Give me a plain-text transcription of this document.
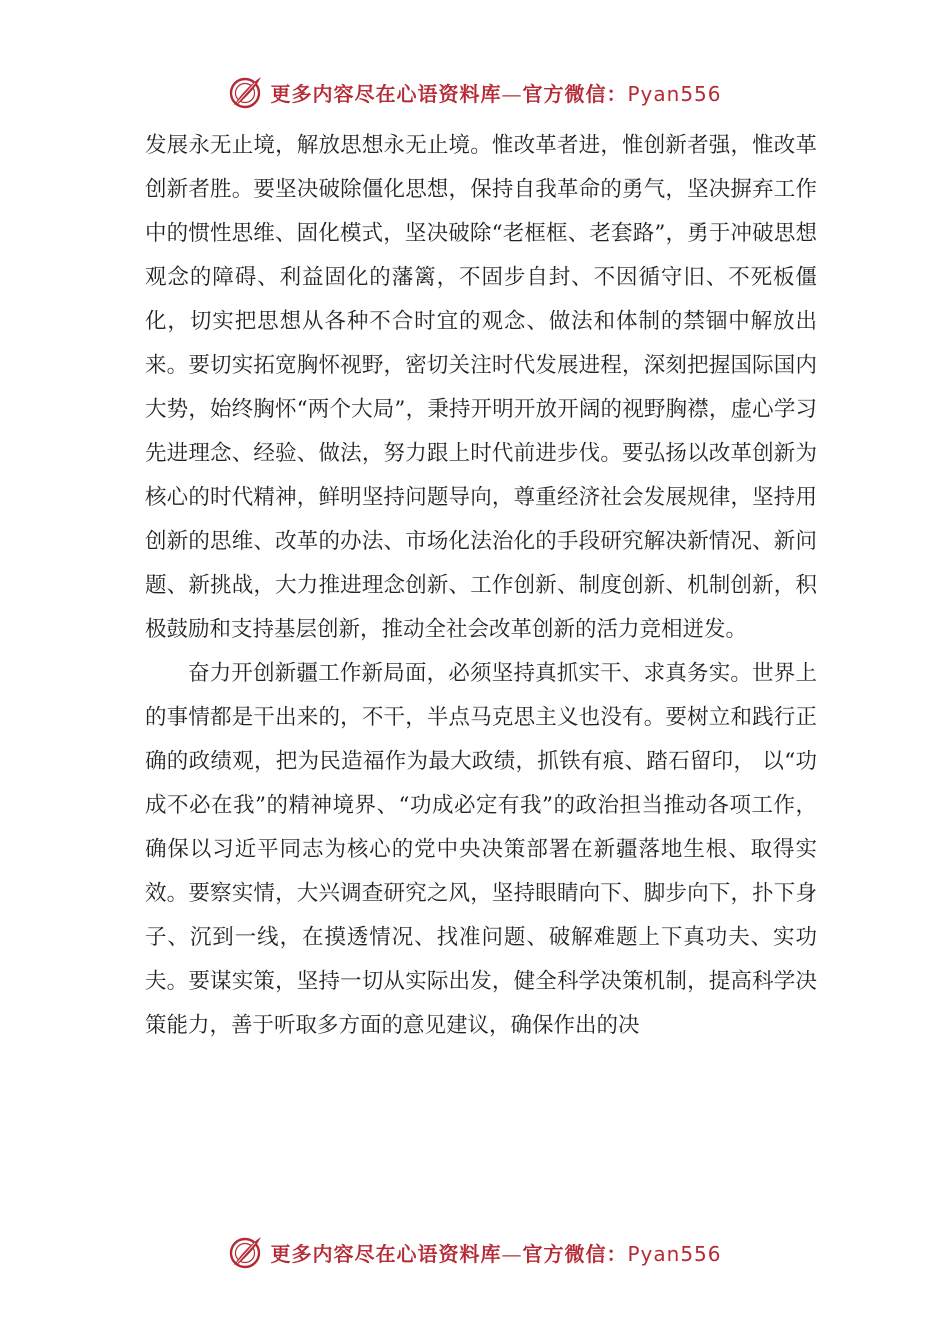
更多内容尽在心语资料库—官方微信：Pyan556

发展永无止境，解放思想永无止境。惟改革者进，惟创新者强，惟改革创新者胜。要坚决破除僵化思想，保持自我革命的勇气，坚决摒弃工作中的惯性思维、固化模式，坚决破除“老框框、老套路”，勇于冲破思想观念的障碍、利益固化的藩篱，不固步自封、不因循守旧、不死板僵化，切实把思想从各种不合时宜的观念、做法和体制的禁锢中解放出来。要切实拓宽胸怀视野，密切关注时代发展进程，深刻把握国际国内大势，始终胸怀“两个大局”，秉持开明开放开阔的视野胸襟，虚心学习先进理念、经验、做法，努力跟上时代前进步伐。要弘扬以改革创新为核心的时代精神，鲜明坚持问题导向，尊重经济社会发展规律，坚持用创新的思维、改革的办法、市场化法治化的手段研究解决新情况、新问题、新挑战，大力推进理念创新、工作创新、制度创新、机制创新，积极鼓励和支持基层创新，推动全社会改革创新的活力竞相迸发。

奋力开创新疆工作新局面，必须坚持真抓实干、求真务实。世界上的事情都是干出来的，不干，半点马克思主义也没有。要树立和践行正确的政绩观，把为民造福作为最大政绩，抓铁有痕、踏石留印， 以“功成不必在我”的精神境界、“功成必定有我”的政治担当推动各项工作，确保以习近平同志为核心的党中央决策部署在新疆落地生根、取得实效。要察实情，大兴调查研究之风，坚持眼睛向下、脚步向下，扑下身子、沉到一线，在摸透情况、找准问题、破解难题上下真功夫、实功夫。要谋实策，坚持一切从实际出发，健全科学决策机制，提高科学决策能力，善于听取多方面的意见建议，确保作出的决

更多内容尽在心语资料库—官方微信：Pyan556
